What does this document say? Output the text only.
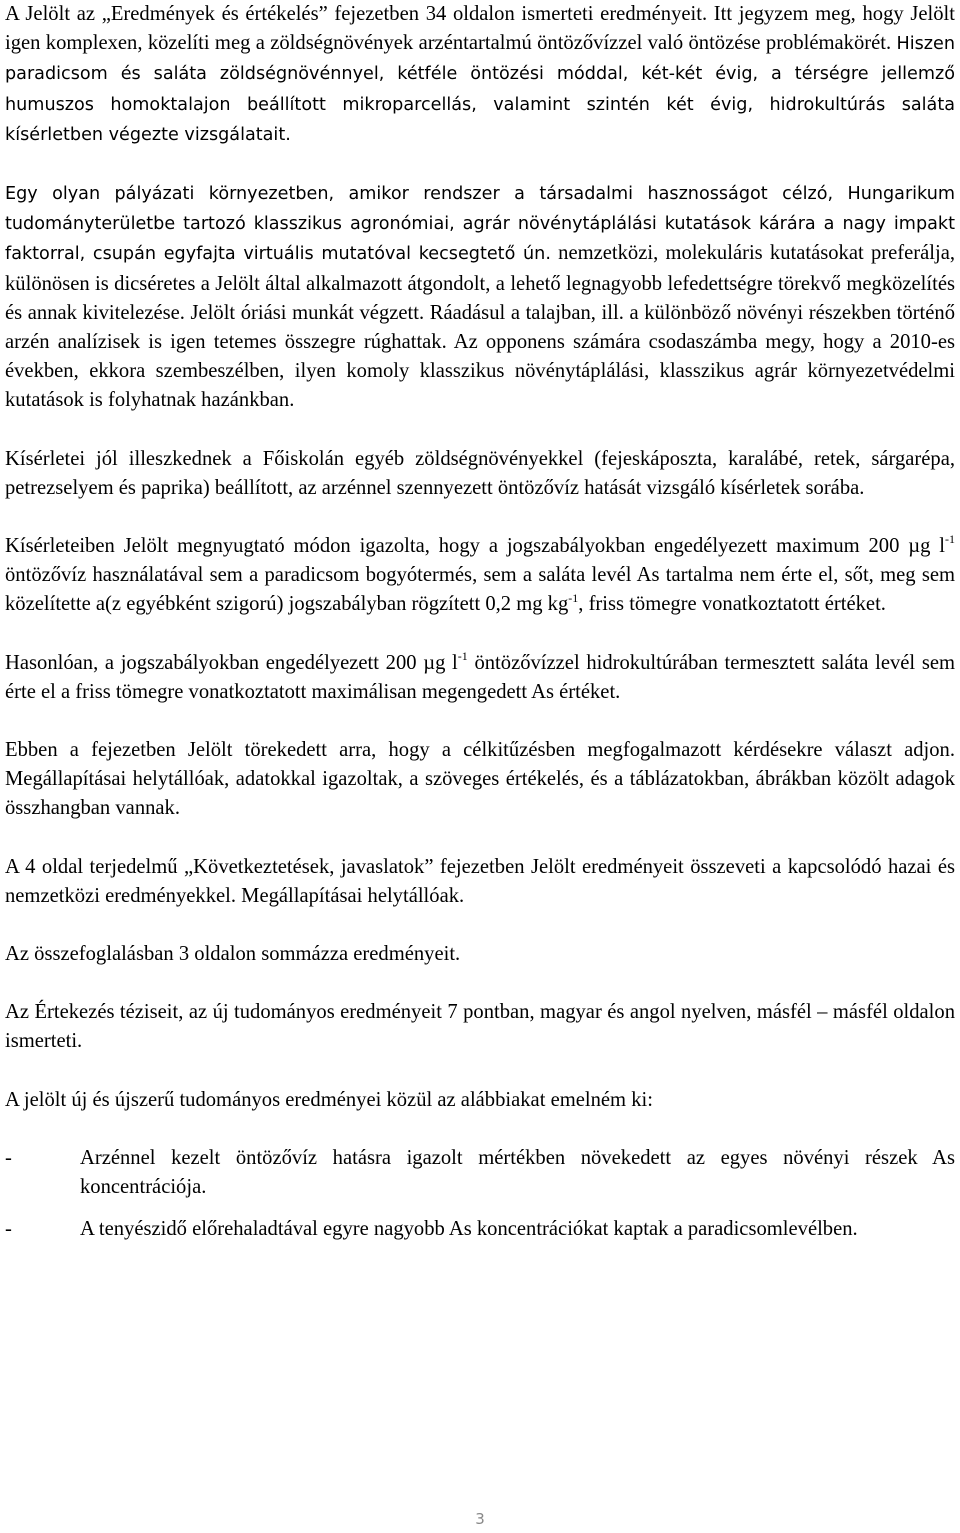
A Jelölt az „Eredmények és értékelés” fejezetben 34 oldalon ismerteti eredményeit. Itt jegyzem meg, hogy Jelölt igen komplexen, közelíti meg a zöldségnövények arzéntartalmú öntözővízzel való öntözése problémakörét. Hiszen paradicsom és saláta zöldségnövénnyel, kétféle öntözési móddal, két-két évig, a térségre jellemző humuszos homoktalajon beállított mikroparcellás, valamint szintén két évig, hidrokultúrás saláta kísérletben végezte vizsgálatait.

Egy olyan pályázati környezetben, amikor rendszer a társadalmi hasznosságot célzó, Hungarikum tudományterületbe tartozó klasszikus agronómiai, agrár növénytáplálási kutatások kárára a nagy impakt faktorral, csupán egyfajta virtuális mutatóval kecsegtető ún. nemzetközi, molekuláris kutatásokat preferálja, különösen is dicséretes a Jelölt által alkalmazott átgondolt, a lehető legnagyobb lefedettségre törekvő megközelítés és annak kivitelezése. Jelölt óriási munkát végzett. Ráadásul a talajban, ill. a különböző növényi részekben történő arzén analízisek is igen tetemes összegre rúghattak. Az opponens számára csodaszámba megy, hogy a 2010-es években, ekkora szembeszélben, ilyen komoly klasszikus növénytáplálási, klasszikus agrár környezetvédelmi kutatások is folyhatnak hazánkban.

Kísérletei jól illeszkednek a Főiskolán egyéb zöldségnövényekkel (fejeskáposzta, karalábé, retek, sárgarépa, petrezselyem és paprika) beállított, az arzénnel szennyezett öntözővíz hatását vizsgáló kísérletek sorába.

Kísérleteiben Jelölt megnyugtató módon igazolta, hogy a jogszabályokban engedélyezett maximum 200 µg $l^{-1}$ öntözővíz használatával sem a paradicsom bogyótermés, sem a saláta levél As tartalma nem érte el, sőt, meg sem közelítette a(z egyébként szigorú) jogszabályban rögzített 0,2 mg $kg^{-1}$, friss tömegre vonatkoztatott értéket.

Hasonlóan, a jogszabályokban engedélyezett 200 µg $l^{-1}$ öntözővízzel hidrokultúrában termesztett saláta levél sem érte el a friss tömegre vonatkoztatott maximálisan megengedett As értéket.

Ebben a fejezetben Jelölt törekedett arra, hogy a célkitűzésben megfogalmazott kérdésekre választ adjon. Megállapításai helytállóak, adatokkal igazoltak, a szöveges értékelés, és a táblázatokban, ábrákban közölt adagok összhangban vannak.

A 4 oldal terjedelmű „Következtetések, javaslatok” fejezetben Jelölt eredményeit összeveti a kapcsolódó hazai és nemzetközi eredményekkel. Megállapításai helytállóak.

Az összefoglalásban 3 oldalon sommázza eredményeit.

Az Értekezés téziseit, az új tudományos eredményeit 7 pontban, magyar és angol nyelven, másfél – másfél oldalon ismerteti.

A jelölt új és újszerű tudományos eredményei közül az alábbiakat emelném ki:

-	Arzénnel kezelt öntözővíz hatásra igazolt mértékben növekedett az egyes növényi részek As koncentrációja.

-	A tenyészidő előrehaladtával egyre nagyobb As koncentrációkat kaptak a paradicsomlevélben.

3
